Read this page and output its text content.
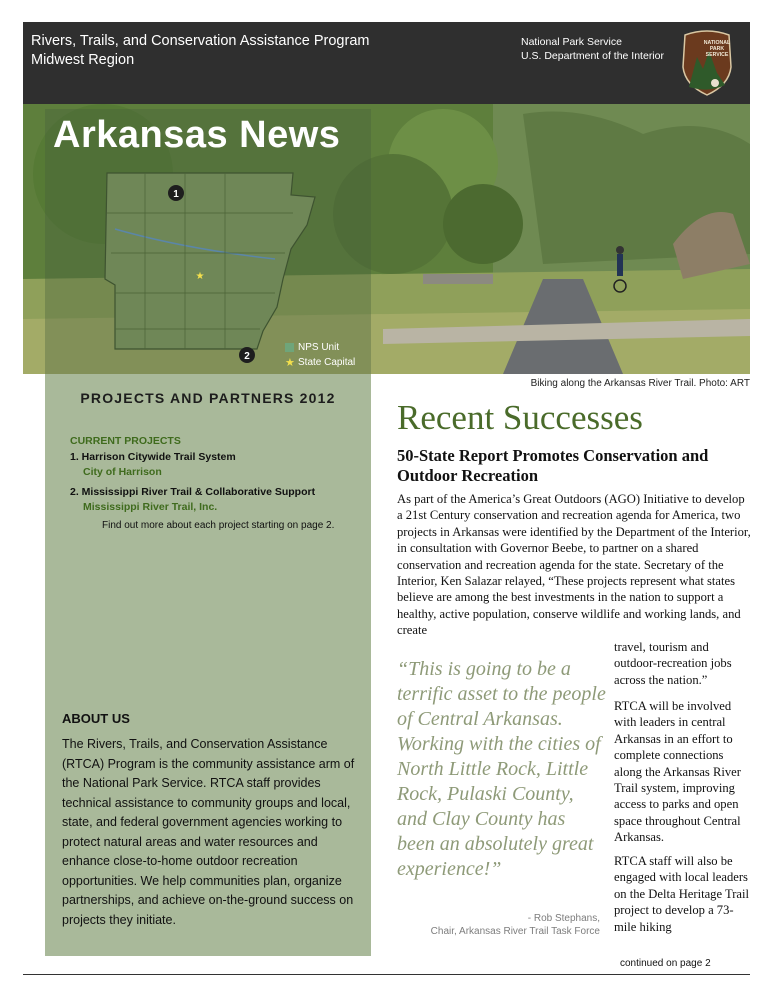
Rivers, Trails, and Conservation Assistance Program
Midwest Region
National Park Service
U.S. Department of the Interior
NATIONAL
PARK
SERVICE
1
2
★
Arkansas News
NPS Unit
★ State Capital
Biking along the Arkansas River Trail. Photo: ART
PROJECTS AND PARTNERS 2012
CURRENT PROJECTS
1. Harrison Citywide Trail System
City of Harrison
2. Mississippi River Trail & Collaborative Support
Mississippi River Trail, Inc.
Find out more about each project starting on page 2.
ABOUT US
The Rivers, Trails, and Conservation Assistance (RTCA) Program is the community assistance arm of the National Park Service. RTCA staff provides technical assistance to community groups and local, state, and federal government agencies working to protect natural areas and water resources and enhance close-to-home outdoor recreation opportunities. We help communities plan, organize partnerships, and achieve on-the-ground success on projects they initiate.
Recent Successes
50-State Report Promotes Conservation and Outdoor Recreation

As part of the America’s Great Outdoors (AGO) Initiative to develop a 21st Century conservation and recreation agenda for America, two projects in Arkansas were identified by the Department of the Interior, in consultation with Governor Beebe, to partner on a shared conservation and recreation agenda for the state. Secretary of the Interior, Ken Salazar relayed, “These projects represent what states believe are among the best investments in the nation to support a healthy, active population, conserve wildlife and working lands, and create

travel, tourism and outdoor-recreation jobs across the nation.”

RTCA will be involved with leaders in central Arkansas in an effort to complete connections along the Arkansas River Trail system, improving access to parks and open space throughout Central Arkansas.

RTCA staff will also be engaged with local leaders on the Delta Heritage Trail project to develop a 73-mile hiking

“This is going to be a terrific asset to the people of Central Arkansas. Working with the cities of North Little Rock, Little Rock, Pulaski County, and Clay County has been an absolutely great experience!”
- Rob Stephans,
Chair, Arkansas River Trail Task Force
continued on page 2
